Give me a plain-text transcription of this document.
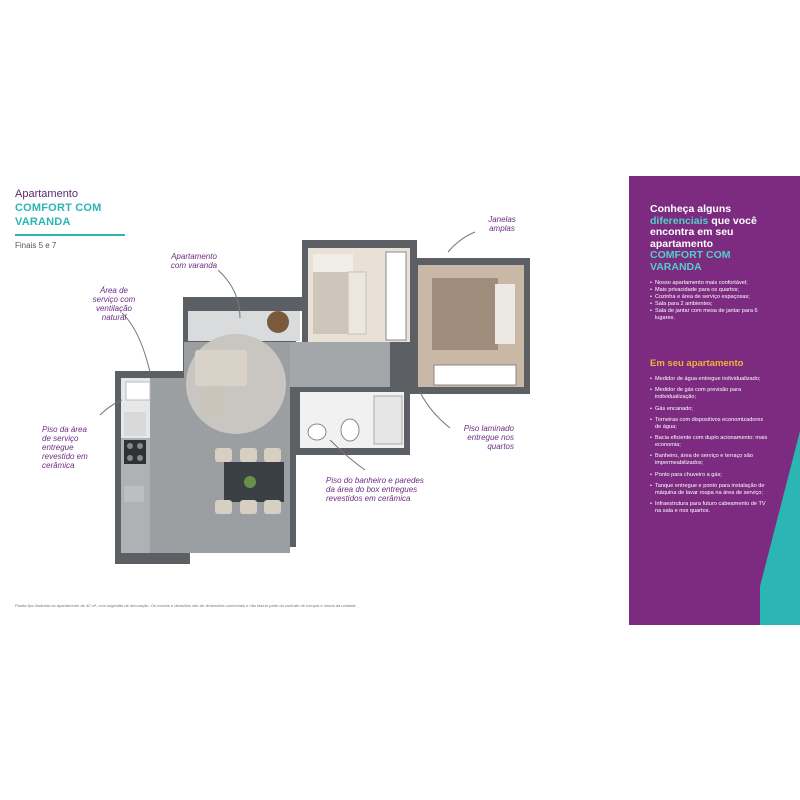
Apartamento
COMFORT COM VARANDA
Finais 5 e 7
Janelas
amplas
Apartamento
com varanda
Área de
serviço com
ventilação
natural
Piso da área
de serviço
entregue
revestido em
cerâmica
Piso laminado
entregue nos
quartos
Piso do banheiro e paredes
da área do box entregues
revestidos em cerâmica
Planta tipo ilustrada do apartamento de 42 m², com sugestão de decoração. Os móveis e utensílios são de dimensões comerciais e não fazem parte do contrato de compra e venda da unidade.
Conheça alguns diferenciais que você encontra em seu apartamento COMFORT COM VARANDA
• Nosso apartamento mais confortável;
• Mais privacidade para os quartos;
• Cozinha e área de serviço espaçosas;
• Sala para 2 ambientes;
• Sala de jantar com mesa de jantar para 6 lugares.
Em seu apartamento
• Medidor de água entregue individualizado;
• Medidor de gás com previsão para individualização;
• Gás encanado;
• Torneiras com dispositivos economizadores de água;
• Bacia eficiente com duplo acionamento: mais economia;
• Banheiro, área de serviço e terraço são impermeabilizados;
• Ponto para chuveiro a gás;
• Tanque entregue e ponto para instalação de máquina de lavar roupa na área de serviço;
• Infraestrutura para futuro cabeamento de TV na sala e nos quartos.
